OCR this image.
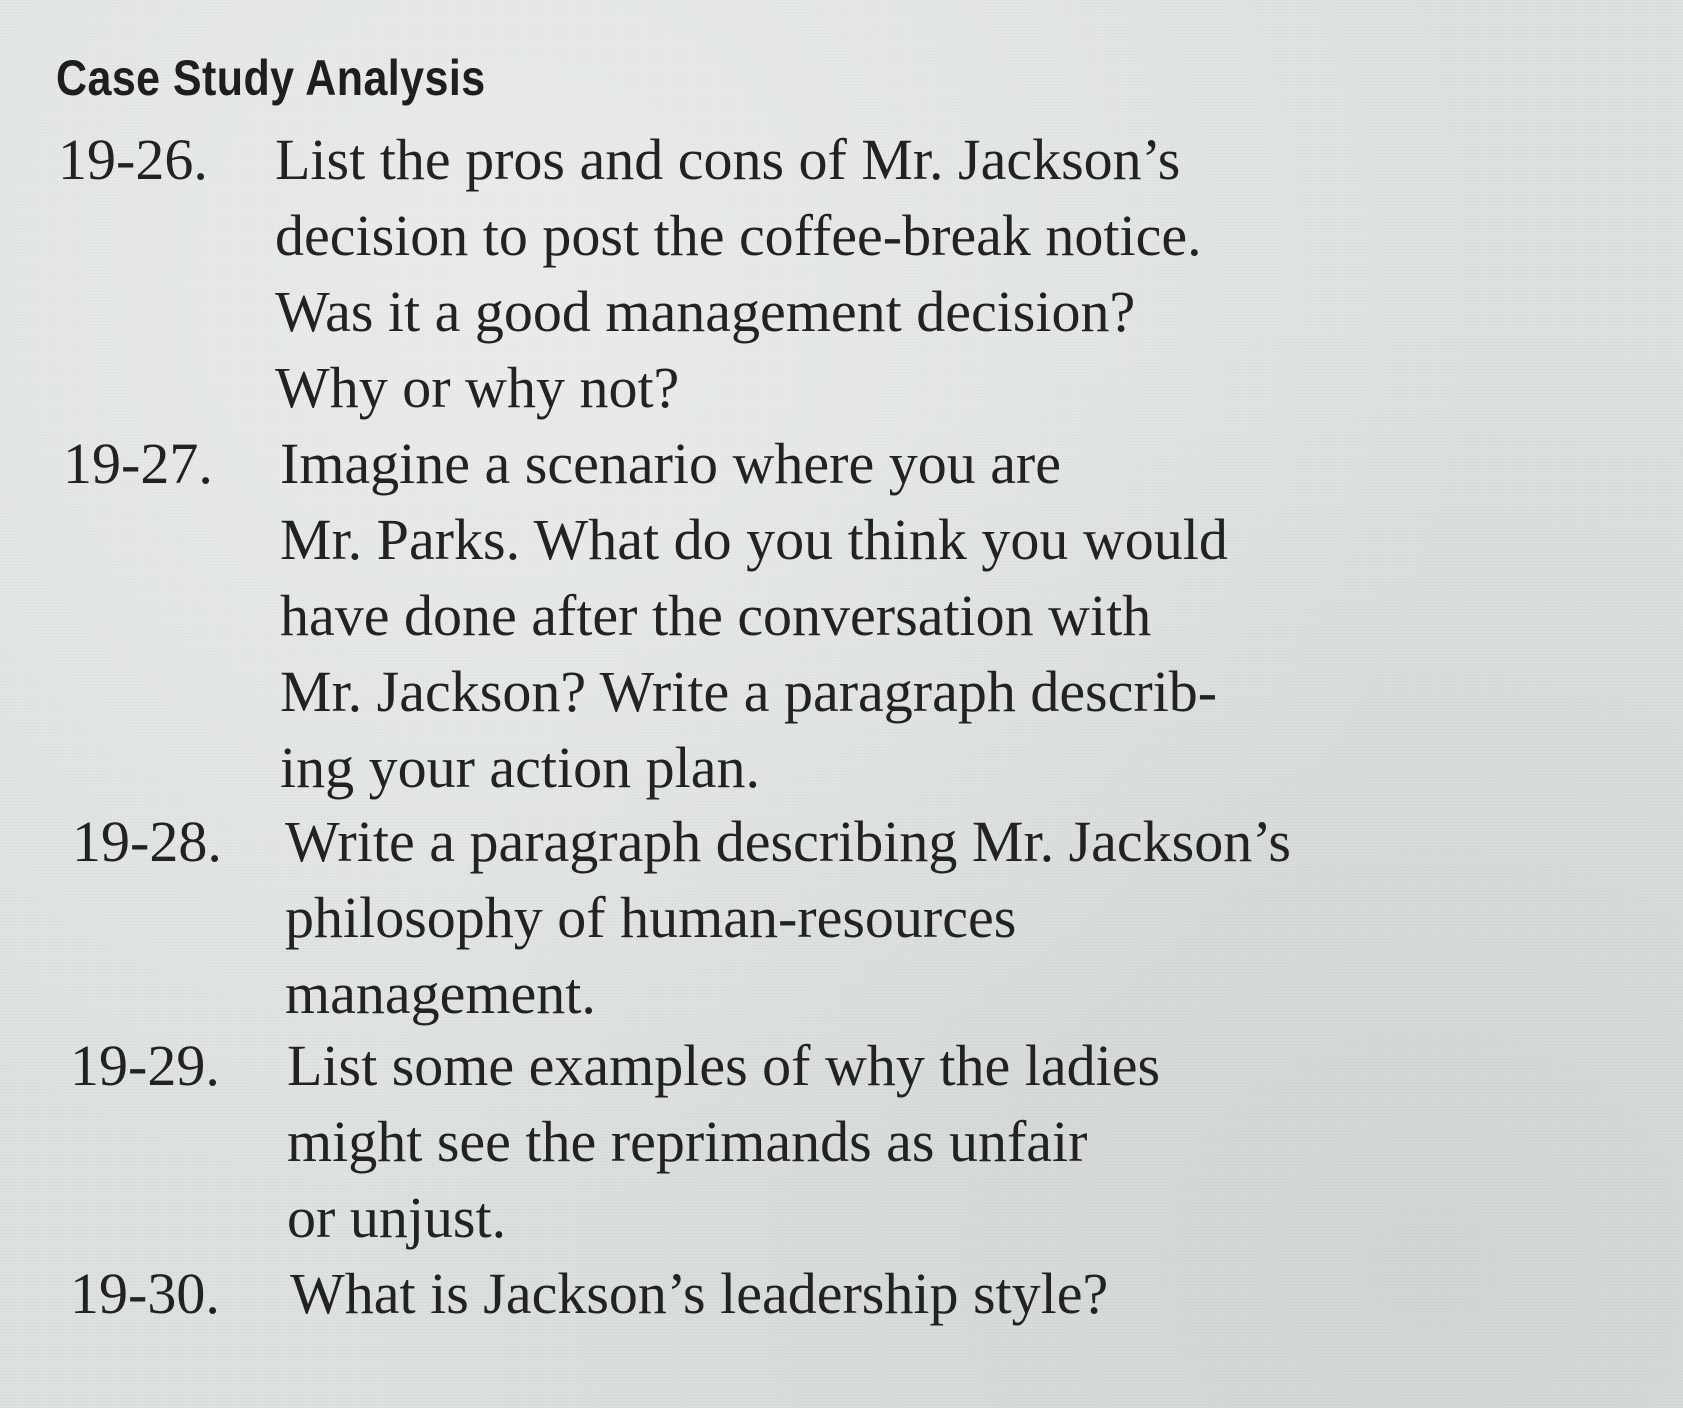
Case Study Analysis
19-26. List the pros and cons of Mr. Jackson’s
decision to post the coffee-break notice.
Was it a good management decision?
Why or why not?

19-27. Imagine a scenario where you are
Mr. Parks. What do you think you would
have done after the conversation with
Mr. Jackson? Write a paragraph describ-
ing your action plan.

19-28. Write a paragraph describing Mr. Jackson’s
philosophy of human-resources
management.

19-29. List some examples of why the ladies
might see the reprimands as unfair
or unjust.

19-30. What is Jackson’s leadership style?
